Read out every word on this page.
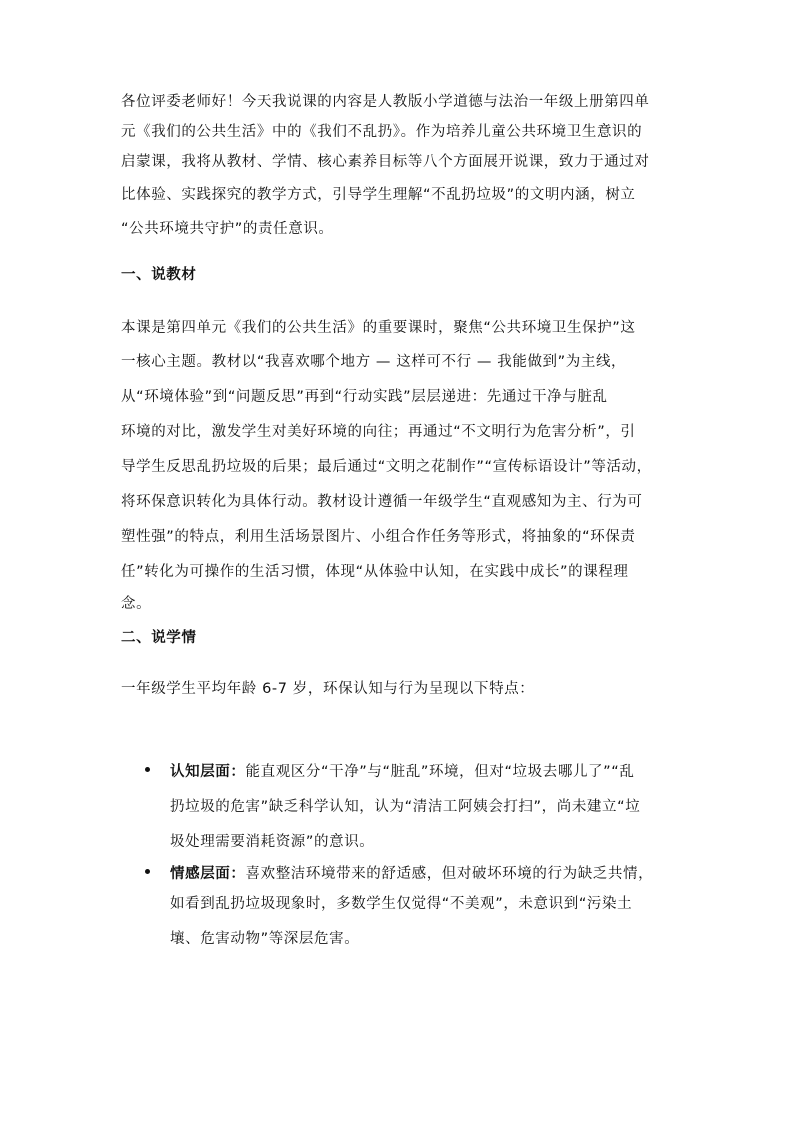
各位评委老师好！今天我说课的内容是人教版小学道德与法治一年级上册第四单
元《我们的公共生活》中的《我们不乱扔》。作为培养儿童公共环境卫生意识的
启蒙课，我将从教材、学情、核心素养目标等八个方面展开说课，致力于通过对
比体验、实践探究的教学方式，引导学生理解“不乱扔垃圾”的文明内涵，树立
“公共环境共守护”的责任意识。
一、说教材
本课是第四单元《我们的公共生活》的重要课时，聚焦“公共环境卫生保护”这
一核心主题。教材以“我喜欢哪个地方 — 这样可不行 — 我能做到”为主线，
从“环境体验”到“问题反思”再到“行动实践”层层递进：先通过干净与脏乱
环境的对比，激发学生对美好环境的向往；再通过“不文明行为危害分析”，引
导学生反思乱扔垃圾的后果；最后通过“文明之花制作”“宣传标语设计”等活动，
将环保意识转化为具体行动。教材设计遵循一年级学生“直观感知为主、行为可
塑性强”的特点，利用生活场景图片、小组合作任务等形式，将抽象的“环保责
任”转化为可操作的生活习惯，体现“从体验中认知，在实践中成长”的课程理
念。
二、说学情
一年级学生平均年龄 6-7 岁，环保认知与行为呈现以下特点：
认知层面：能直观区分“干净”与“脏乱”环境，但对“垃圾去哪儿了”“乱
扔垃圾的危害”缺乏科学认知，认为“清洁工阿姨会打扫”，尚未建立“垃
圾处理需要消耗资源”的意识。
情感层面：喜欢整洁环境带来的舒适感，但对破坏环境的行为缺乏共情，
如看到乱扔垃圾现象时，多数学生仅觉得“不美观”，未意识到“污染土
壤、危害动物”等深层危害。
